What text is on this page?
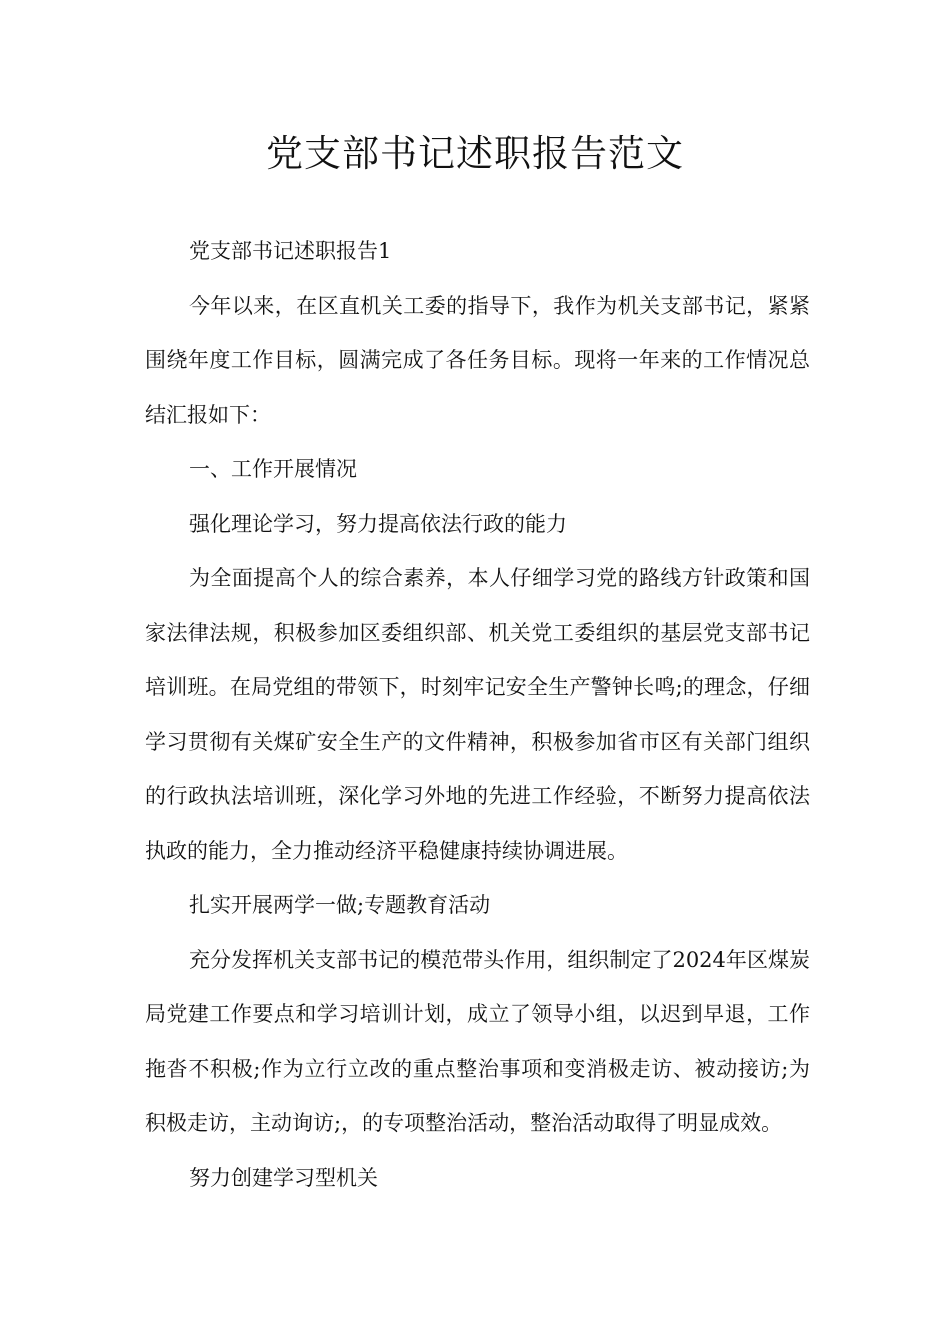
党支部书记述职报告范文

党支部书记述职报告1

今年以来，在区直机关工委的指导下，我作为机关支部书记，紧紧围绕年度工作目标，圆满完成了各任务目标。现将一年来的工作情况总结汇报如下：

一、工作开展情况

强化理论学习，努力提高依法行政的能力

为全面提高个人的综合素养，本人仔细学习党的路线方针政策和国家法律法规，积极参加区委组织部、机关党工委组织的基层党支部书记培训班。在局党组的带领下，时刻牢记安全生产警钟长鸣;的理念，仔细学习贯彻有关煤矿安全生产的文件精神，积极参加省市区有关部门组织的行政执法培训班，深化学习外地的先进工作经验，不断努力提高依法执政的能力，全力推动经济平稳健康持续协调进展。

扎实开展两学一做;专题教育活动

充分发挥机关支部书记的模范带头作用，组织制定了2024年区煤炭局党建工作要点和学习培训计划，成立了领导小组，以迟到早退，工作拖沓不积极;作为立行立改的重点整治事项和变消极走访、被动接访;为积极走访，主动询访;，的专项整治活动，整治活动取得了明显成效。

努力创建学习型机关
